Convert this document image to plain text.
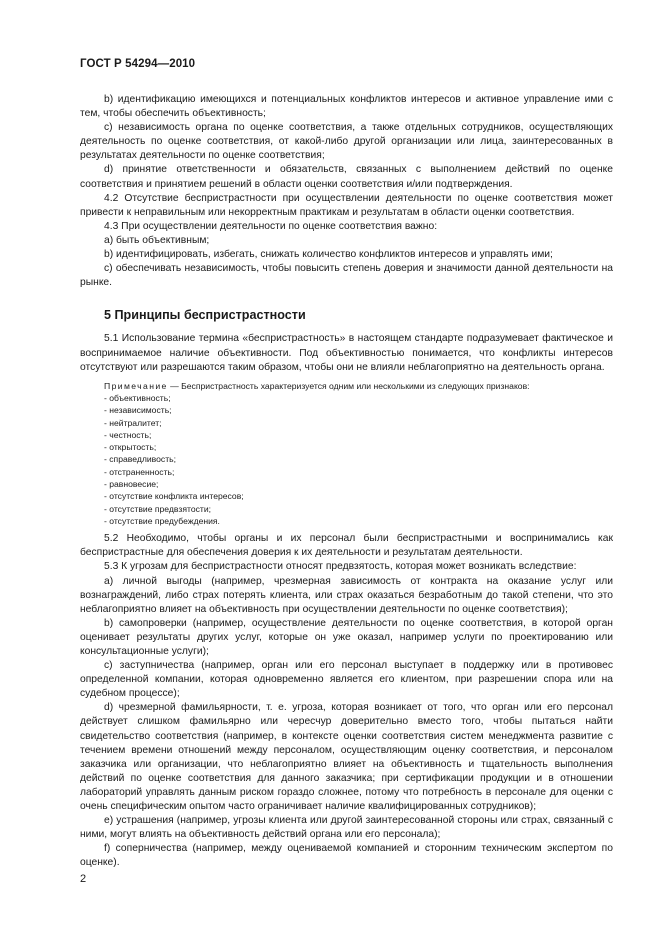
ГОСТ Р 54294—2010

b) идентификацию имеющихся и потенциальных конфликтов интересов и активное управление ими с тем, чтобы обеспечить объективность;

c) независимость органа по оценке соответствия, а также отдельных сотрудников, осуществляющих деятельность по оценке соответствия, от какой-либо другой организации или лица, заинтересованных в результатах деятельности по оценке соответствия;

d) принятие ответственности и обязательств, связанных с выполнением действий по оценке соответствия и принятием решений в области оценки соответствия и/или подтверждения.

4.2 Отсутствие беспристрастности при осуществлении деятельности по оценке соответствия может привести к неправильным или некорректным практикам и результатам в области оценки соответствия.

4.3 При осуществлении деятельности по оценке соответствия важно:

a) быть объективным;

b) идентифицировать, избегать, снижать количество конфликтов интересов и управлять ими;

c) обеспечивать независимость, чтобы повысить степень доверия и значимости данной деятельности на рынке.

5 Принципы беспристрастности

5.1 Использование термина «беспристрастность» в настоящем стандарте подразумевает фактическое и воспринимаемое наличие объективности. Под объективностью понимается, что конфликты интересов отсутствуют или разрешаются таким образом, чтобы они не влияли неблагоприятно на деятельность органа.

Примечание — Беспристрастность характеризуется одним или несколькими из следующих признаков:
- объективность;
- независимость;
- нейтралитет;
- честность;
- открытость;
- справедливость;
- отстраненность;
- равновесие;
- отсутствие конфликта интересов;
- отсутствие предвзятости;
- отсутствие предубеждения.

5.2 Необходимо, чтобы органы и их персонал были беспристрастными и воспринимались как беспристрастные для обеспечения доверия к их деятельности и результатам деятельности.

5.3 К угрозам для беспристрастности относят предвзятость, которая может возникать вследствие:

a) личной выгоды (например, чрезмерная зависимость от контракта на оказание услуг или вознаграждений, либо страх потерять клиента, или страх оказаться безработным до такой степени, что это неблагоприятно влияет на объективность при осуществлении деятельности по оценке соответствия);

b) самопроверки (например, осуществление деятельности по оценке соответствия, в которой орган оценивает результаты других услуг, которые он уже оказал, например услуги по проектированию или консультационные услуги);

c) заступничества (например, орган или его персонал выступает в поддержку или в противовес определенной компании, которая одновременно является его клиентом, при разрешении спора или на судебном процессе);

d) чрезмерной фамильярности, т. е. угроза, которая возникает от того, что орган или его персонал действует слишком фамильярно или чересчур доверительно вместо того, чтобы пытаться найти свидетельство соответствия (например, в контексте оценки соответствия систем менеджмента развитие с течением времени отношений между персоналом, осуществляющим оценку соответствия, и персоналом заказчика или организации, что неблагоприятно влияет на объективность и тщательность выполнения действий по оценке соответствия для данного заказчика; при сертификации продукции и в отношении лабораторий управлять данным риском гораздо сложнее, потому что потребность в персонале для оценки с очень специфическим опытом часто ограничивает наличие квалифицированных сотрудников);

e) устрашения (например, угрозы клиента или другой заинтересованной стороны или страх, связанный с ними, могут влиять на объективность действий органа или его персонала);

f) соперничества (например, между оцениваемой компанией и сторонним техническим экспертом по оценке).

2
